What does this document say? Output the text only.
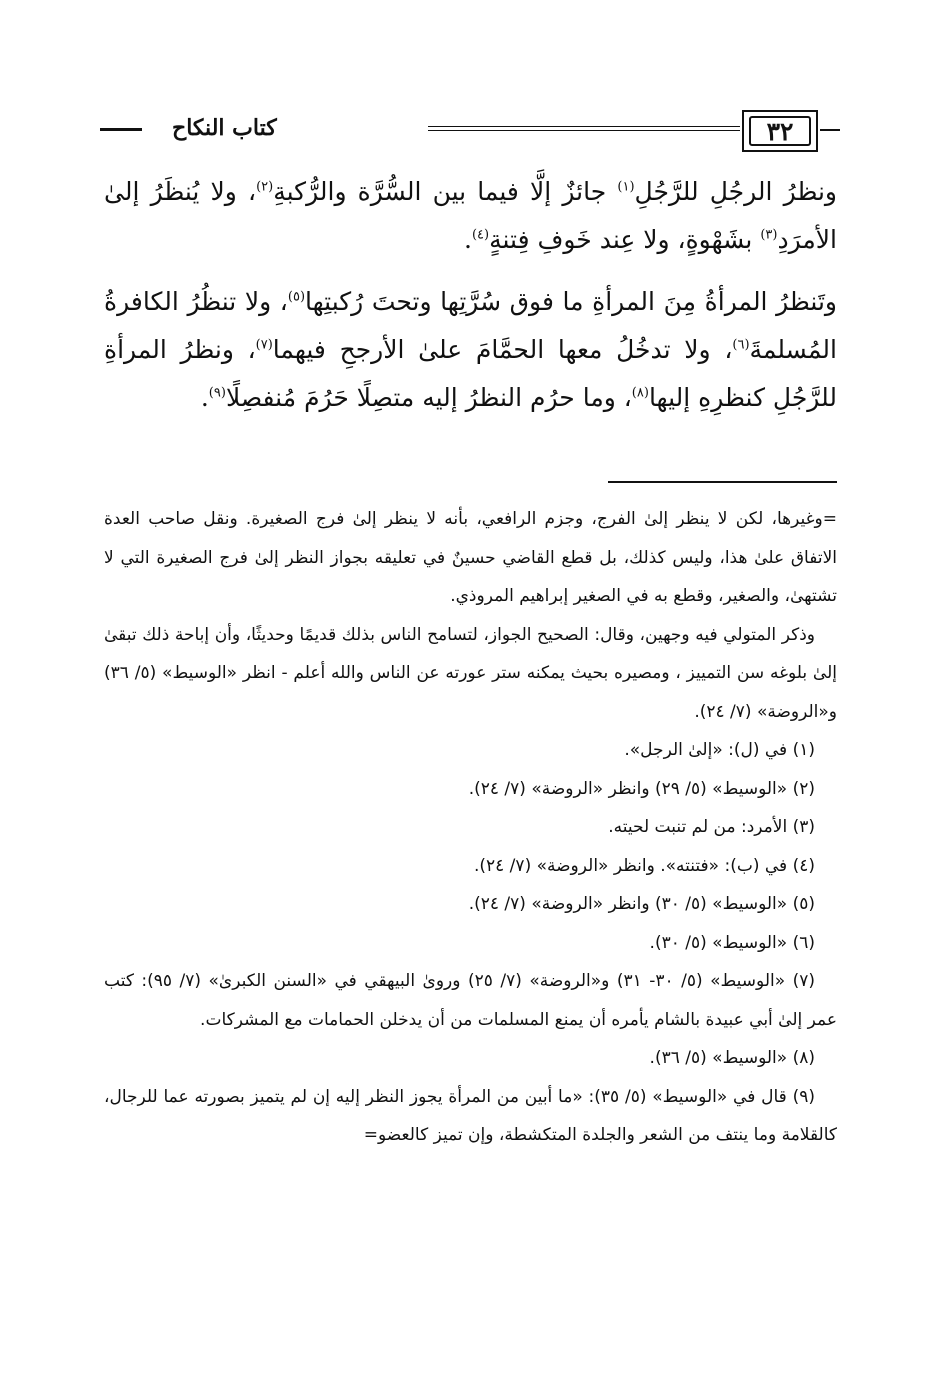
٣٢
كتاب النكاح

ونظرُ الرجُلِ للرَّجُلِ$^{(١)}$ جائزٌ إلَّا فيما بين السُّرَّة والرُّكبةِ$^{(٢)}$، ولا يُنظَرُ إلىٰ الأمرَدِ$^{(٣)}$ بشَهْوةٍ، ولا عِند خَوفِ فِتنةٍ$^{(٤)}$.

وتَنظرُ المرأةُ مِنَ المرأةِ ما فوق سُرَّتِها وتحتَ رُكبتِها$^{(٥)}$، ولا تنظُرُ الكافرةُ المُسلمةَ$^{(٦)}$، ولا تدخُلُ معها الحمَّامَ علىٰ الأرجحِ فيهما$^{(٧)}$، ونظرُ المرأةِ للرَّجُلِ كنظرِهِ إليها$^{(٨)}$، وما حرُم النظرُ إليه متصِلًا حَرُمَ مُنفصِلًا$^{(٩)}$.

=وغيرها، لكن لا ينظر إلىٰ الفرج، وجزم الرافعي، بأنه لا ينظر إلىٰ فرج الصغيرة. ونقل صاحب العدة الاتفاق علىٰ هذا، وليس كذلك، بل قطع القاضي حسينٌ في تعليقه بجواز النظر إلىٰ فرج الصغيرة التي لا تشتهىٰ، والصغير، وقطع به في الصغير إبراهيم المروذي.

وذكر المتولي فيه وجهين، وقال: الصحيح الجواز، لتسامح الناس بذلك قديمًا وحديثًا، وأن إباحة ذلك تبقىٰ إلىٰ بلوغه سن التمييز ، ومصيره بحيث يمكنه ستر عورته عن الناس والله أعلم - انظر «الوسيط» (٥/ ٣٦) و«الروضة» (٧/ ٢٤).

(١) في (ل): «إلىٰ الرجل».

(٢) «الوسيط» (٥/ ٢٩) وانظر «الروضة» (٧/ ٢٤).

(٣) الأمرد: من لم تنبت لحيته.

(٤) في (ب): «فتنته». وانظر «الروضة» (٧/ ٢٤).

(٥) «الوسيط» (٥/ ٣٠) وانظر «الروضة» (٧/ ٢٤).

(٦) «الوسيط» (٥/ ٣٠).

(٧) «الوسيط» (٥/ ٣٠- ٣١) و«الروضة» (٧/ ٢٥) وروىٰ البيهقي في «السنن الكبرىٰ» (٧/ ٩٥): كتب عمر إلىٰ أبي عبيدة بالشام يأمره أن يمنع المسلمات من أن يدخلن الحمامات مع المشركات.

(٨) «الوسيط» (٥/ ٣٦).

(٩) قال في «الوسيط» (٥/ ٣٥): «ما أبين من المرأة يجوز النظر إليه إن لم يتميز بصورته عما للرجال، كالقلامة وما ينتف من الشعر والجلدة المتكشطة، وإن تميز كالعضو=
